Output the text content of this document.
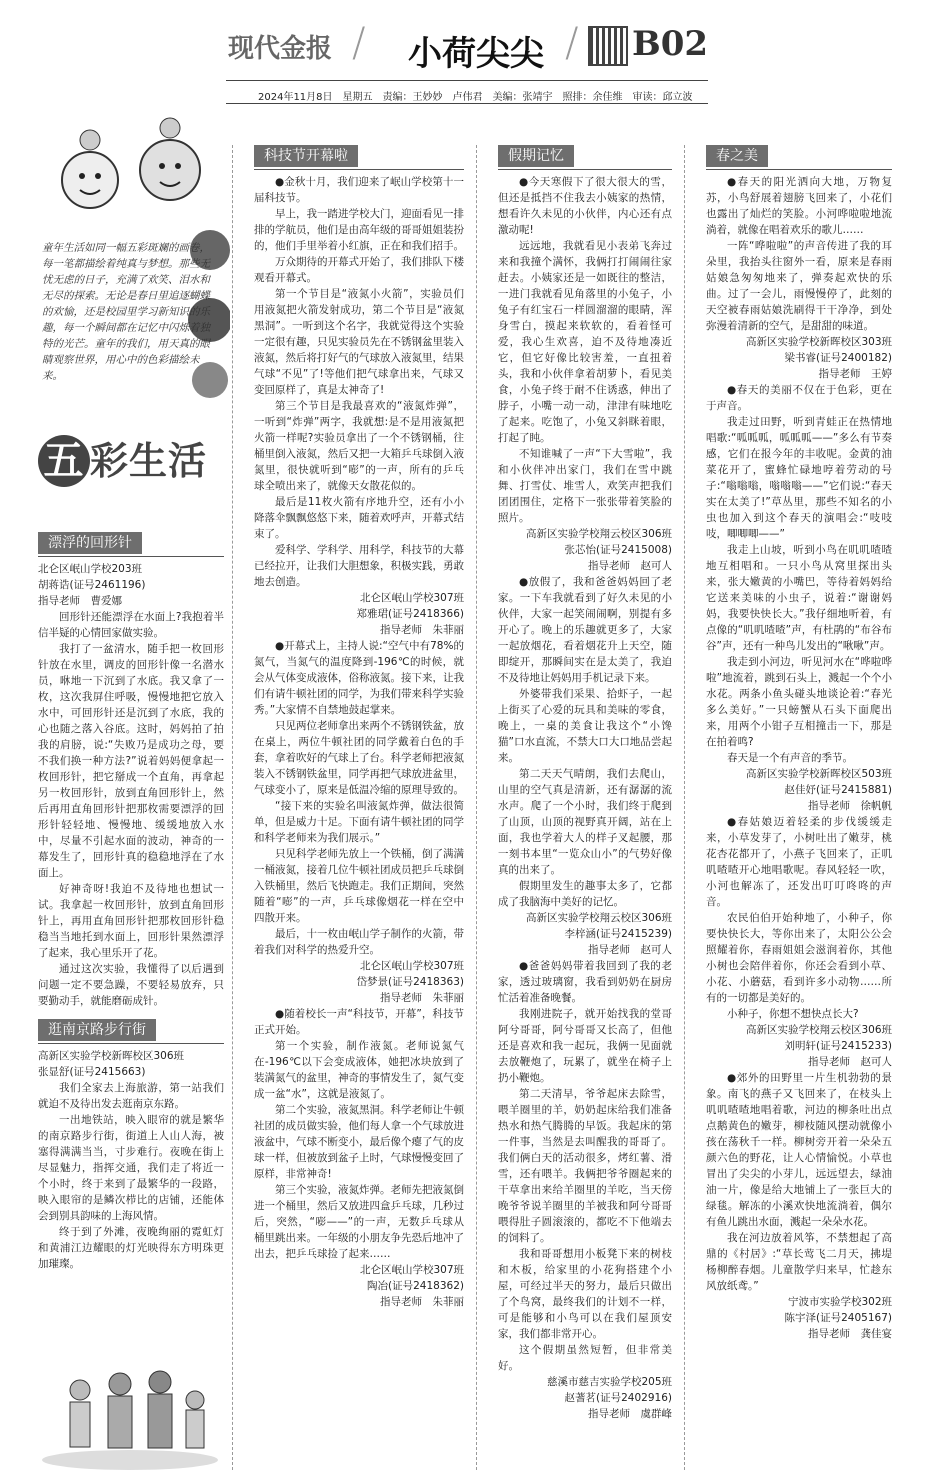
现代金报 / 小荷尖尖 / B02
2024年11月8日　星期五　责编：王妙妙　卢伟君　美编：张靖宇　照排：余佳维　审读：邱立波
童年生活如同一幅五彩斑斓的画卷，每一笔都描绘着纯真与梦想。那些无忧无虑的日子，充满了欢笑、泪水和无尽的探索。无论是春日里追逐蝴蝶的欢愉，还是校园里学习新知识的乐趣，每一个瞬间都在记忆中闪烁着独特的光芒。童年的我们，用天真的眼睛观察世界，用心中的色彩描绘未来。
五 彩生活
漂浮的回形针
北仑区岷山学校203班
胡蒋诰(证号2461196)
指导老师　曹爱娜

回形针还能漂浮在水面上?我抱着半信半疑的心情回家做实验。

我打了一盆清水，随手把一枚回形针放在水里，调皮的回形针像一名潜水员，咻地一下沉到了水底。我又拿了一枚，这次我屏住呼吸，慢慢地把它放入水中，可回形针还是沉到了水底，我的心也随之落入谷底。这时，妈妈拍了拍我的肩膀，说:“失败乃是成功之母，要不我们换一种方法?”说着妈妈便拿起一枚回形针，把它掰成一个直角，再拿起另一枚回形针，放到直角回形针上，然后再用直角回形针把那枚需要漂浮的回形针轻轻地、慢慢地、缓缓地放入水中，尽量不引起水面的波动，神奇的一幕发生了，回形针真的稳稳地浮在了水面上。

好神奇呀!我迫不及待地也想试一试。我拿起一枚回形针，放到直角回形针上，再用直角回形针把那枚回形针稳稳当当地托到水面上，回形针果然漂浮了起来，我心里乐开了花。

通过这次实验，我懂得了以后遇到问题一定不要急躁，不要轻易放弃，只要勤动手，就能磨砺成针。

逛南京路步行街
高新区实验学校新晖校区306班
张显舒(证号2415663)

我们全家去上海旅游，第一站我们就迫不及待出发去逛南京东路。

一出地铁站，映入眼帘的就是繁华的南京路步行街，街道上人山人海，被塞得满满当当，寸步难行。夜晚在街上尽显魅力，指挥交通，我们走了将近一个小时，终于来到了最繁华的一段路，映入眼帘的是鳞次栉比的店铺，还能体会到别具韵味的上海风情。

终于到了外滩，夜晚绚丽的霓虹灯和黄浦江边耀眼的灯光映得东方明珠更加璀璨。

科技节开幕啦

●金秋十月，我们迎来了岷山学校第十一届科技节。

早上，我一踏进学校大门，迎面看见一排排的学航员，他们是由高年级的哥哥姐姐装扮的，他们手里举着小红旗，正在和我们招手。

万众期待的开幕式开始了，我们排队下楼观看开幕式。

第一个节目是“液氮小火箭”，实验员们用液氮把火箭发射成功，第二个节目是“液氮黑洞”。一听到这个名字，我就觉得这个实验一定很有趣，只见实验员先在不锈钢盆里装入液氮，然后将打好气的气球放入液氮里，结果气球“不见”了!等他们把气球拿出来，气球又变回原样了，真是太神奇了!

第三个节目是我最喜欢的“液氮炸弹”，一听到“炸弹”两字，我就想:是不是用液氮把火箭一样呢?实验员拿出了一个不锈钢桶，往桶里倒入液氮，然后又把一大箱乒乓球倒入液氮里，很快就听到“嘭”的一声，所有的乒乓球全喷出来了，就像天女散花似的。

最后是11枚火箭有序地升空，还有小小降落伞飘飘悠悠下来，随着欢呼声，开幕式结束了。

爱科学、学科学、用科学，科技节的大幕已经拉开，让我们大胆想象，积极实践，勇敢地去创造。

北仑区岷山学校307班

郑雅珺(证号2418366)

指导老师　朱菲丽

●开幕式上，主持人说:“空气中有78%的氮气，当氮气的温度降到-196℃的时候，就会从气体变成液体，俗称液氮。接下来，让我们有请牛顿社团的同学，为我们带来科学实验秀。”大家情不自禁地鼓起掌来。

只见两位老师拿出来两个不锈钢铁盆，放在桌上，两位牛顿社团的同学戴着白色的手套，拿着吹好的气球上了台。科学老师把液氮装入不锈钢铁盆里，同学再把气球放进盆里，气球变小了，原来是低温冷缩的原理导致的。

“接下来的实验名叫液氮炸弹，做法很简单，但是威力十足。下面有请牛顿社团的同学和科学老师来为我们展示。”

只见科学老师先放上一个铁桶，倒了满满一桶液氮，接着几位牛顿社团成员把乒乓球倒入铁桶里，然后飞快跑走。我们正期间，突然随着“嘭”的一声，乒乓球像烟花一样在空中四散开来。

最后，十一枚由岷山学子制作的火箭，带着我们对科学的热爱升空。

北仑区岷山学校307班

岱梦景(证号2418363)

指导老师　朱菲丽

●随着校长一声“科技节，开幕”，科技节正式开始。

第一个实验，制作液氮。老师说氮气在-196℃以下会变成液体，她把冰块放到了装满氮气的盆里，神奇的事情发生了，氮气变成一盆“水”，这就是液氮了。

第二个实验，液氮黑洞。科学老师让牛顿社团的成员做实验，他们每人拿一个气球放进液盆中，气球不断变小，最后像个瘪了气的皮球一样，但被放到盆子上时，气球慢慢变回了原样，非常神奇!

第三个实验，液氮炸弹。老师先把液氮倒进一个桶里，然后又放进四盒乒乓球，几秒过后，突然，“嘭——”的一声，无数乒乓球从桶里跳出来。一年级的小朋友争先恐后地冲了出去，把乒乓球捡了起来……

北仑区岷山学校307班

陶冶(证号2418362)

指导老师　朱菲丽

假期记忆

●今天寒假下了很大很大的雪，但还是抵挡不住我去小姨家的热情，想看许久未见的小伙伴，内心还有点激动呢!

远远地，我就看见小表弟飞奔过来和我撞个满怀，我俩打打闹闹往家赶去。小姨家还是一如既往的整洁，一进门我就看见角落里的小兔子，小兔子有红宝石一样圆溜溜的眼睛，浑身雪白，摸起来软软的，看着怪可爱，我心生欢喜，迫不及待地凑近它，但它好像比较害羞，一直扭着头，我和小伙伴拿着胡萝卜，看见美食，小兔子终于耐不住诱惑，伸出了脖子，小嘴一动一动，津津有味地吃了起来。吃饱了，小兔又斜眯着眼，打起了盹。

不知谁喊了一声“下大雪啦”，我和小伙伴冲出家门，我们在雪中跳舞、打雪仗、堆雪人，欢笑声把我们团团围住，定格下一张张带着笑脸的照片。

高新区实验学校翔云校区306班

张芯怡(证号2415008)

指导老师　赵可人

●放假了，我和爸爸妈妈回了老家。一下车我就看到了好久未见的小伙伴，大家一起笑闹闹啊，别提有多开心了。晚上的乐趣就更多了，大家一起放烟花，看着烟花升上天空，随即绽开，那瞬间实在是太美了，我迫不及待地让妈妈用手机记录下来。

外婆带我们采果、拾虾子，一起上街买了心爱的玩具和美味的零食，晚上，一桌的美食让我这个“小馋猫”口水直流，不禁大口大口地品尝起来。

第二天天气晴朗，我们去爬山，山里的空气真是清新，还有潺潺的流水声。爬了一个小时，我们终于爬到了山顶，山顶的视野真开阔，站在上面，我也学着大人的样子叉起腰，那一刻书本里“一览众山小”的气势好像真的出来了。

假期里发生的趣事太多了，它都成了我脑海中美好的记忆。

高新区实验学校翔云校区306班

李梓涵(证号2415239)

指导老师　赵可人

●爸爸妈妈带着我回到了我的老家，透过玻璃窗，我看到奶奶在厨房忙活着准备晚餐。

我刚进院子，就开始找我的堂哥阿兮哥哥，阿兮哥哥又长高了，但他还是喜欢和我一起玩，我俩一见面就去放鞭炮了，玩累了，就坐在椅子上扔小鞭炮。

第二天清早，爷爷起床去除雪，喂羊圈里的羊，奶奶起床给我们准备热水和热气腾腾的早饭。我起床的第一件事，当然是去叫醒我的哥哥了。我们俩白天的活动很多，烤红薯、滑雪，还有喂羊。我俩把爷爷圈起来的干草拿出来给羊圈里的羊吃，当天傍晚爷爷说羊圈里的羊被我和阿兮哥哥喂得肚子圆滚滚的，都吃不下他端去的饲料了。

我和哥哥想用小板凳下来的树枝和木板，给家里的小花狗搭建个小屋，可经过半天的努力，最后只做出了个鸟窝，最终我们的计划不一样，可是能够和小鸟可以在我们屋顶安家，我们都非常开心。

这个假期虽然短暂，但非常美好。

慈溪市慈吉实验学校205班

赵蓍茗(证号2402916)

指导老师　虞群峰

春之美

●春天的阳光洒向大地，万物复苏，小鸟舒展着翅膀飞回来了，小花们也露出了灿烂的笑脸。小河哗啦啦地流淌着，就像在唱着欢乐的歌儿……

一阵“哗啦啦”的声音传进了我的耳朵里，我抬头往窗外一看，原来是春雨姑娘急匆匆地来了，弹奏起欢快的乐曲。过了一会儿，雨慢慢停了，此刻的天空被春雨姑娘洗刷得干干净净，到处弥漫着清新的空气，是甜甜的味道。

高新区实验学校新晖校区303班

梁书睿(证号2400182)

指导老师　王婷

●春天的美丽不仅在于色彩，更在于声音。

我走过田野，听到青蛙正在热情地唱歌:“呱呱呱，呱呱呱——”多么有节奏感，它们在报今年的丰收呢。金黄的油菜花开了，蜜蜂忙碌地哼着劳动的号子:“嗡嗡嗡，嗡嗡嗡——”它们说:“春天实在太美了!”草丛里，那些不知名的小虫也加入到这个春天的演唱会:“吱吱吱，唧唧唧——”

我走上山坡，听到小鸟在叽叽喳喳地互相唱和。一只小鸟从窝里探出头来，张大嫩黄的小嘴巴，等待着妈妈给它送来美味的小虫子，说着:“谢谢妈妈，我要快快长大。”我仔细地听着，有点像的“叽叽喳喳”声，有杜鹃的“布谷布谷”声，还有一种鸟儿发出的“啾啾”声。

我走到小河边，听见河水在“哗啦哗啦”地流着，跳到石头上，溅起一个个小水花。两条小鱼头碰头地谈论着:“春光多么美好。”一只螃蟹从石头下面爬出来，用两个小钳子互相撞击一下，那是在拍着鸣?

春天是一个有声音的季节。

高新区实验学校新晖校区503班

赵佳妤(证号2415881)

指导老师　徐帆帆

●春姑娘迈着轻柔的步伐缓缓走来，小草发芽了，小树吐出了嫩芽，桃花杏花都开了，小燕子飞回来了，正叽叽喳喳开心地唱歌呢。春风轻轻一吹，小河也解冻了，还发出叮叮咚咚的声音。

农民伯伯开始种地了，小种子，你要快快长大，等你出来了，太阳公公会照耀着你，春雨姐姐会滋润着你，其他小树也会陪伴着你，你还会看到小草、小花、小蘑菇，看到许多小动物……所有的一切都是美好的。

小种子，你想不想快点长大?

高新区实验学校翔云校区306班

刘明轩(证号2415233)

指导老师　赵可人

●郊外的田野里一片生机勃勃的景象。南飞的燕子又飞回来了，在枝头上叽叽喳喳地唱着歌，河边的柳条吐出点点鹅黄色的嫩芽，柳枝随风摆动就像小孩在荡秋千一样。柳树旁开着一朵朵五颜六色的野花，让人心情愉悦。小草也冒出了尖尖的小芽儿，远远望去，绿油油一片，像是给大地铺上了一张巨大的绿毯。解冻的小溪欢快地流淌着，偶尔有鱼儿跳出水面，溅起一朵朵水花。

我在河边放着风筝，不禁想起了高鼎的《村居》:“草长莺飞二月天，拂堤杨柳醉春烟。儿童散学归来早，忙趁东风放纸鸢。”

宁波市实验学校302班

陈宇泽(证号2405167)

指导老师　龚佳宴
